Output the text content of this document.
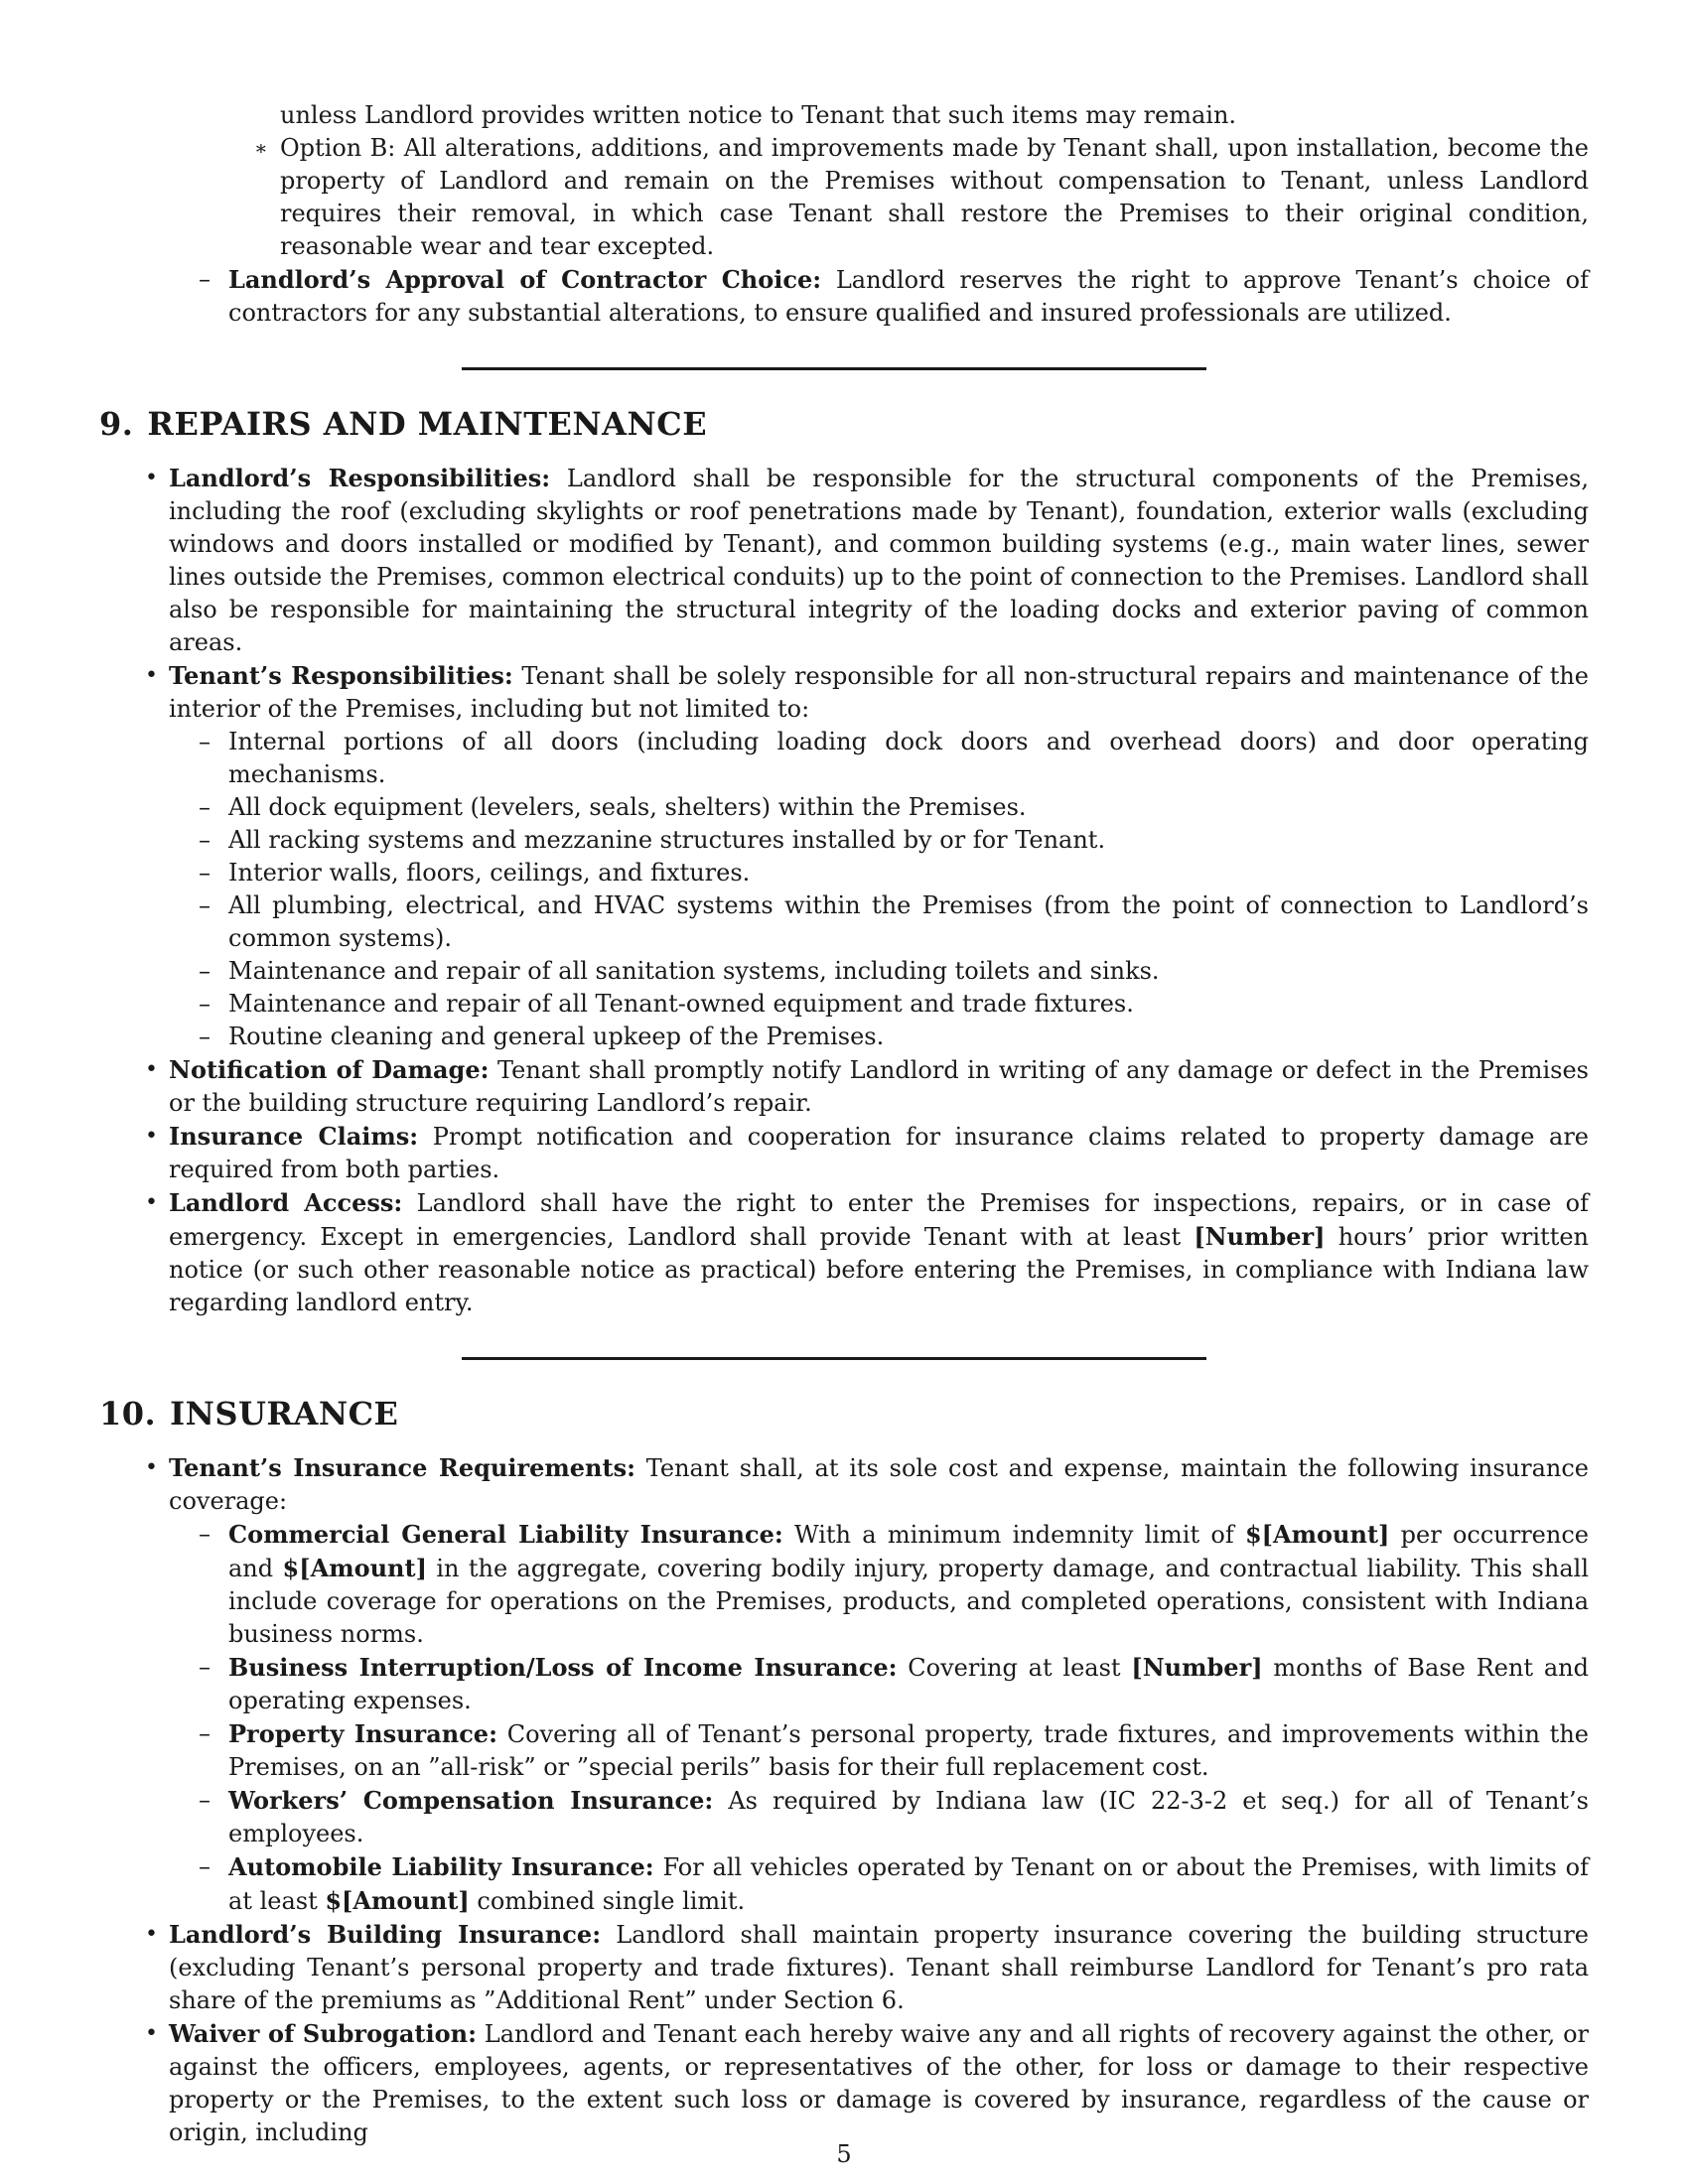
unless Landlord provides written notice to Tenant that such items may remain.
∗ Option B: All alterations, additions, and improvements made by Tenant shall, upon installation, become the property of Landlord and remain on the Premises without compensation to Tenant, unless Landlord requires their removal, in which case Tenant shall restore the Premises to their original condition, reasonable wear and tear excepted.
– Landlord’s Approval of Contractor Choice: Landlord reserves the right to approve Tenant’s choice of contractors for any substantial alterations, to ensure qualified and insured professionals are utilized.
9. REPAIRS AND MAINTENANCE
• Landlord’s Responsibilities: Landlord shall be responsible for the structural components of the Premises, including the roof (excluding skylights or roof penetrations made by Tenant), foundation, exterior walls (excluding windows and doors installed or modified by Tenant), and common building systems (e.g., main water lines, sewer lines outside the Premises, common electrical conduits) up to the point of connection to the Premises. Landlord shall also be responsible for maintaining the structural integrity of the loading docks and exterior paving of common areas.
• Tenant’s Responsibilities: Tenant shall be solely responsible for all non-structural repairs and maintenance of the interior of the Premises, including but not limited to:
– Internal portions of all doors (including loading dock doors and overhead doors) and door operating mechanisms.
– All dock equipment (levelers, seals, shelters) within the Premises.
– All racking systems and mezzanine structures installed by or for Tenant.
– Interior walls, floors, ceilings, and fixtures.
– All plumbing, electrical, and HVAC systems within the Premises (from the point of connection to Landlord’s common systems).
– Maintenance and repair of all sanitation systems, including toilets and sinks.
– Maintenance and repair of all Tenant-owned equipment and trade fixtures.
– Routine cleaning and general upkeep of the Premises.
• Notification of Damage: Tenant shall promptly notify Landlord in writing of any damage or defect in the Premises or the building structure requiring Landlord’s repair.
• Insurance Claims: Prompt notification and cooperation for insurance claims related to property damage are required from both parties.
• Landlord Access: Landlord shall have the right to enter the Premises for inspections, repairs, or in case of emergency. Except in emergencies, Landlord shall provide Tenant with at least [Number] hours’ prior written notice (or such other reasonable notice as practical) before entering the Premises, in compliance with Indiana law regarding landlord entry.
10. INSURANCE
• Tenant’s Insurance Requirements: Tenant shall, at its sole cost and expense, maintain the following insurance coverage:
– Commercial General Liability Insurance: With a minimum indemnity limit of $[Amount] per occurrence and $[Amount] in the aggregate, covering bodily injury, property damage, and contractual liability. This shall include coverage for operations on the Premises, products, and completed operations, consistent with Indiana business norms.
– Business Interruption/Loss of Income Insurance: Covering at least [Number] months of Base Rent and operating expenses.
– Property Insurance: Covering all of Tenant’s personal property, trade fixtures, and improvements within the Premises, on an ”all-risk” or ”special perils” basis for their full replacement cost.
– Workers’ Compensation Insurance: As required by Indiana law (IC 22-3-2 et seq.) for all of Tenant’s employees.
– Automobile Liability Insurance: For all vehicles operated by Tenant on or about the Premises, with limits of at least $[Amount] combined single limit.
• Landlord’s Building Insurance: Landlord shall maintain property insurance covering the building structure (excluding Tenant’s personal property and trade fixtures). Tenant shall reimburse Landlord for Tenant’s pro rata share of the premiums as ”Additional Rent” under Section 6.
• Waiver of Subrogation: Landlord and Tenant each hereby waive any and all rights of recovery against the other, or against the officers, employees, agents, or representatives of the other, for loss or damage to their respective property or the Premises, to the extent such loss or damage is covered by insurance, regardless of the cause or origin, including
5
